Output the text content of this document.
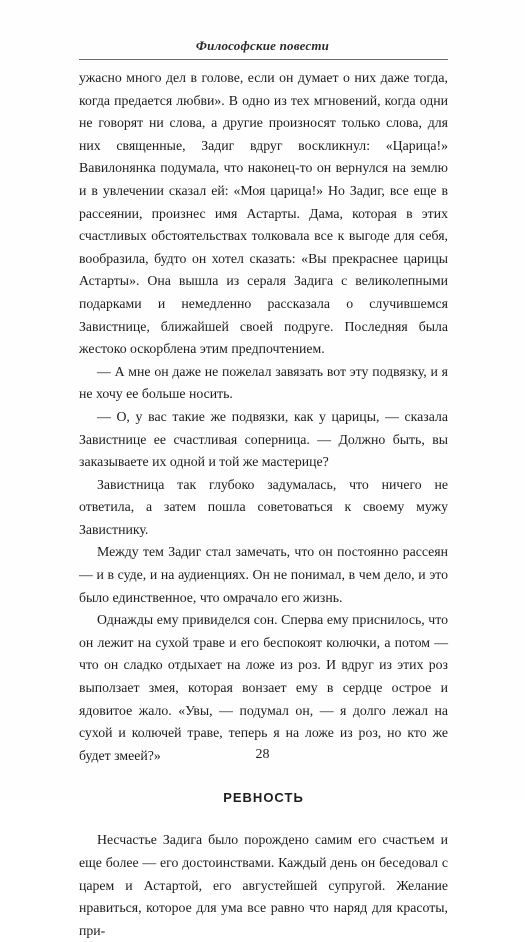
Философские повести

ужасно много дел в голове, если он думает о них даже тогда, когда предается любви». В одно из тех мгновений, когда одни не говорят ни слова, а другие произносят только слова, для них священные, Задиг вдруг воскликнул: «Царица!» Вавилонянка подумала, что наконец-то он вернулся на землю и в увлечении сказал ей: «Моя царица!» Но Задиг, все еще в рассеянии, произнес имя Астарты. Дама, которая в этих счастливых обстоятельствах толковала все к выгоде для себя, вообразила, будто он хотел сказать: «Вы прекраснее царицы Астарты». Она вышла из сераля Задига с великолепными подарками и немедленно рассказала о случившемся Завистнице, ближайшей своей подруге. Последняя была жестоко оскорблена этим предпочтением.

— А мне он даже не пожелал завязать вот эту подвязку, и я не хочу ее больше носить.

— О, у вас такие же подвязки, как у царицы, — сказала Завистнице ее счастливая соперница. — Должно быть, вы заказываете их одной и той же мастерице?

Завистница так глубоко задумалась, что ничего не ответила, а затем пошла советоваться к своему мужу Завистнику.

Между тем Задиг стал замечать, что он постоянно рассеян — и в суде, и на аудиенциях. Он не понимал, в чем дело, и это было единственное, что омрачало его жизнь.

Однажды ему привиделся сон. Сперва ему приснилось, что он лежит на сухой траве и его беспокоят колючки, а потом — что он сладко отдыхает на ложе из роз. И вдруг из этих роз выползает змея, которая вонзает ему в сердце острое и ядовитое жало. «Увы, — подумал он, — я долго лежал на сухой и колючей траве, теперь я на ложе из роз, но кто же будет змеей?»

РЕВНОСТЬ

Несчастье Задига было порождено самим его счастьем и еще более — его достоинствами. Каждый день он беседовал с царем и Астартой, его августейшей супругой. Желание нравиться, которое для ума все равно что наряд для красоты, при-

28
